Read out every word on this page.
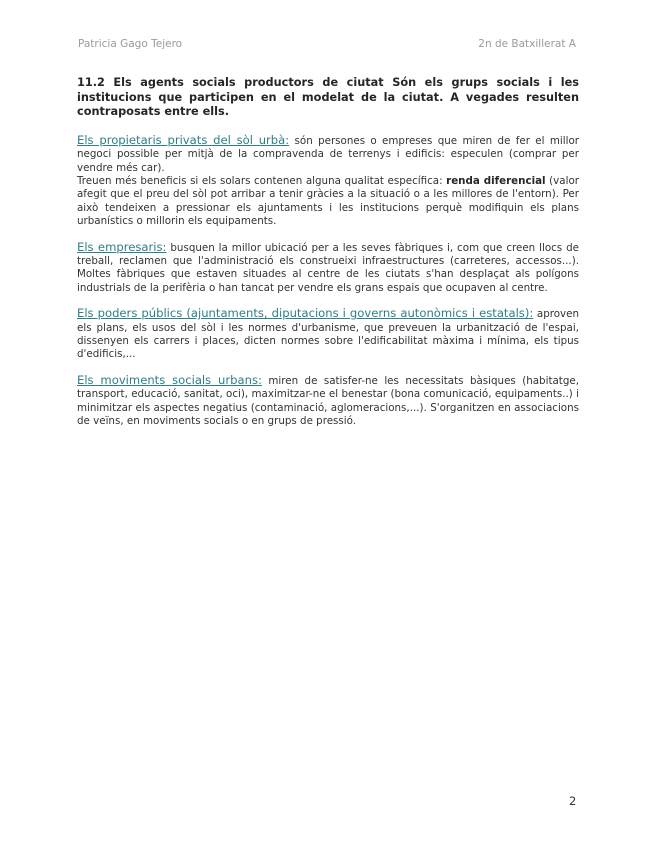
Patricia Gago Tejero	2n de Batxillerat A

11.2 Els agents socials productors de ciutat Són els grups socials i les institucions que participen en el modelat de la ciutat. A vegades resulten contraposats entre ells.

Els propietaris privats del sòl urbà: són persones o empreses que miren de fer el millor negoci possible per mitjà de la compravenda de terrenys i edificis: especulen (comprar per vendre més car).
Treuen més beneficis si els solars contenen alguna qualitat específica: renda diferencial (valor afegit que el preu del sòl pot arribar a tenir gràcies a la situació o a les millores de l'entorn). Per això tendeixen a pressionar els ajuntaments i les institucions perquè modifiquin els plans urbanístics o millorin els equipaments.

Els empresaris: busquen la millor ubicació per a les seves fàbriques i, com que creen llocs de treball, reclamen que l'administració els construeixi infraestructures (carreteres, accessos...). Moltes fàbriques que estaven situades al centre de les ciutats s'han desplaçat als polígons industrials de la perifèria o han tancat per vendre els grans espais que ocupaven al centre.

Els poders públics (ajuntaments, diputacions i governs autonòmics i estatals): aproven els plans, els usos del sòl i les normes d'urbanisme, que preveuen la urbanització de l'espai, dissenyen els carrers i places, dicten normes sobre l'edificabilitat màxima i mínima, els tipus d'edificis,...

Els moviments socials urbans: miren de satisfer-ne les necessitats bàsiques (habitatge, transport, educació, sanitat, oci), maximitzar-ne el benestar (bona comunicació, equipaments..) i minimitzar els aspectes negatius (contaminació, aglomeracions,...). S'organitzen en associacions de veïns, en moviments socials o en grups de pressió.

2
